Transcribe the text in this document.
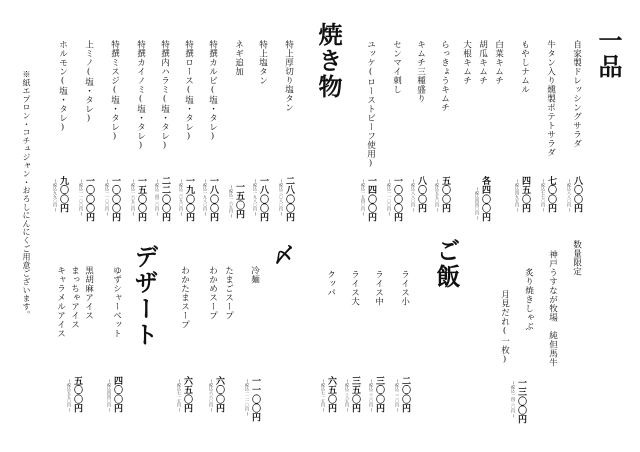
一品
自家製ドレッシングサラダ
牛タン入り燻製ポテトサラダ
もやしナムル
白菜キムチ
胡瓜キムチ
大根キムチ
らっきょうキムチ
キムチ三種盛り
センマイ刺し
ユッケ(ローストビーフ使用)
八〇〇円
(税込八八〇円)
七〇〇円
(税込七七〇円)
四五〇円
(税込四九五円)
各四〇〇円
(税込四四〇円)
五〇〇円
(税込五五〇円)
八〇〇円
(税込八八〇円)
一〇〇〇円
(税込一一〇〇円)
一四〇〇円
(税込一五四〇円)
焼き物
特上厚切り塩タン
特上塩タン
ネギ追加
特撰カルビ(塩・タレ)
特撰ロース(塩・タレ)
特撰内ハラミ(塩・タレ)
特撰カイノミ(塩・タレ)
特撰ミスジ(塩・タレ)
上ミノ(塩・タレ)
ホルモン(塩・タレ)
二八〇〇円
(税込三〇八〇円)
一八〇〇円
(税込一九八〇円)
一五〇円
(税込一六五円)
一八〇〇円
(税込一九八〇円)
一九〇〇円
(税込二〇九〇円)
二二〇〇円
(税込二四二〇円)
一五〇〇円
(税込一六五〇円)
一〇〇〇円
(税込一一〇〇円)
一〇〇〇円
(税込一一〇〇円)
九〇〇円
(税込九九〇円)
※紙エプロン・コチュジャン・おろしにんにくご用意ございます。	ご飯
ライス小
ライス中
ライス大
クッパ
二〇〇円
(税込二二〇円)
三〇〇円
(税込三三〇円)
三五〇円
(税込三八五円)
六五〇円
(税込七一五円)
数量限定
神戸うすなが牧場　純但馬牛
炙り焼きしゃぶ
月見だれ(一枚)
一三〇〇円
(税込一四三〇円)
〆
冷麺
たまごスープ
わかめスープ
わかたまスープ
一一〇〇円
(税込一二一〇円)
六〇〇円
(税込六六〇円)
六五〇円
(税込七一五円)
デザート
ゆずシャーベット
黒胡麻アイス
まっちゃアイス
キャラメルアイス
四〇〇円
(税込四四〇円)
五〇〇円
(税込五五〇円)
